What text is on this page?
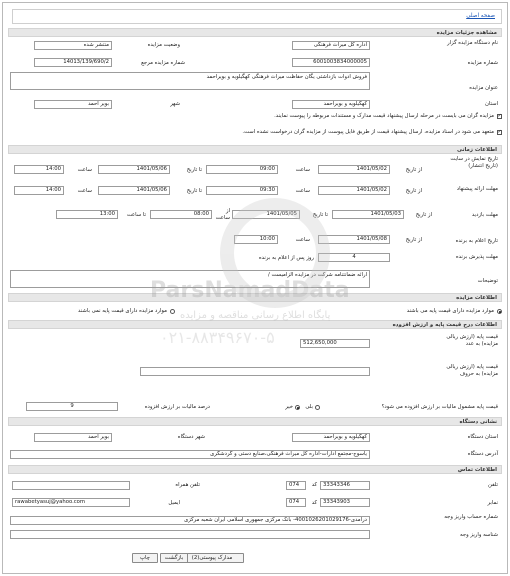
صفحه اصلی
مشاهده جزئیات مزایده
نام دستگاه مزایده گزار
اداره کل میراث فرهنگی
وضعیت مزایده
منتشر شده
شماره مزایده
6001003834000005
شماره مزایده مرجع
14013/139/690/2
عنوان مزایده
فروش ادوات بازداشتی یگان حفاظت میراث فرهنگی کهگیلویه و بویراحمد
استان
کهگیلویه و بویراحمد
شهر
بویر احمد
✓
مزایده گران می بایست در مرحله ارسال پیشنهاد قیمت مدارک و مستندات مربوطه را پیوست نمایند.
✓
متعهد می شود در اسناد مزایده، ارسال پیشنهاد قیمت از طریق فایل پیوست از مزایده گران درخواست نشده است.
اطلاعات زمانی
تاریخ نمایش در سایت (تاریخ انتشار)
از تاریخ
1401/05/02
ساعت
09:00
تا تاریخ
1401/05/06
ساعت
14:00
مهلت ارائه پیشنهاد
از تاریخ
1401/05/02
ساعت
09:30
تا تاریخ
1401/05/06
ساعت
14:00
مهلت بازدید
از تاریخ
1401/05/03
تا تاریخ
1401/05/05
از ساعت
08:00
تا ساعت
13:00
تاریخ اعلام به برنده
از تاریخ
1401/05/08
ساعت
10:00
مهلت پذیرش برنده
4
روز پس از اعلام به برنده
توضیحات
ارائه ضمانتنامه شرکت در مزایده الزامیست /
اطلاعات مزایده
موارد مزایده دارای قیمت پایه می باشند
موارد مزایده دارای قیمت پایه نمی باشند
اطلاعات درج قیمت پایه و ارزش افزوده
قیمت پایه (ارزش ریالی مزایده) به عدد
512,650,000
قیمت پایه (ارزش ریالی مزایده) به حروف
قیمت پایه مشمول مالیات بر ارزش افزوده می شود؟
بلی
خیر
درصد مالیات بر ارزش افزوده
9
نشانی دستگاه
استان دستگاه
کهگیلویه و بویراحمد
شهر دستگاه
بویر احمد
آدرس دستگاه
یاسوج-مجتمع ادارات-اداره کل میراث فرهنگی،صنایع دستی و گردشگری
اطلاعات تماس
تلفن
33343346
کد
074
تلفن همراه
نمابر
33343903
کد
074
ایمیل
rawabetyasuj@yahoo.com
شماره حساب واریز وجه
درآمدی-4001026201029176- بانک مرکزی جمهوری اسلامی ایران شعبه مرکزی
شناسه واریز وجه
مدارک پیوستی(2)
بازگشت
چاپ
ParsNamadData
پایگاه اطلاع رسانی مناقصه و مزایده
۰۲۱-۸۸۳۴۹۶۷۰-۵
